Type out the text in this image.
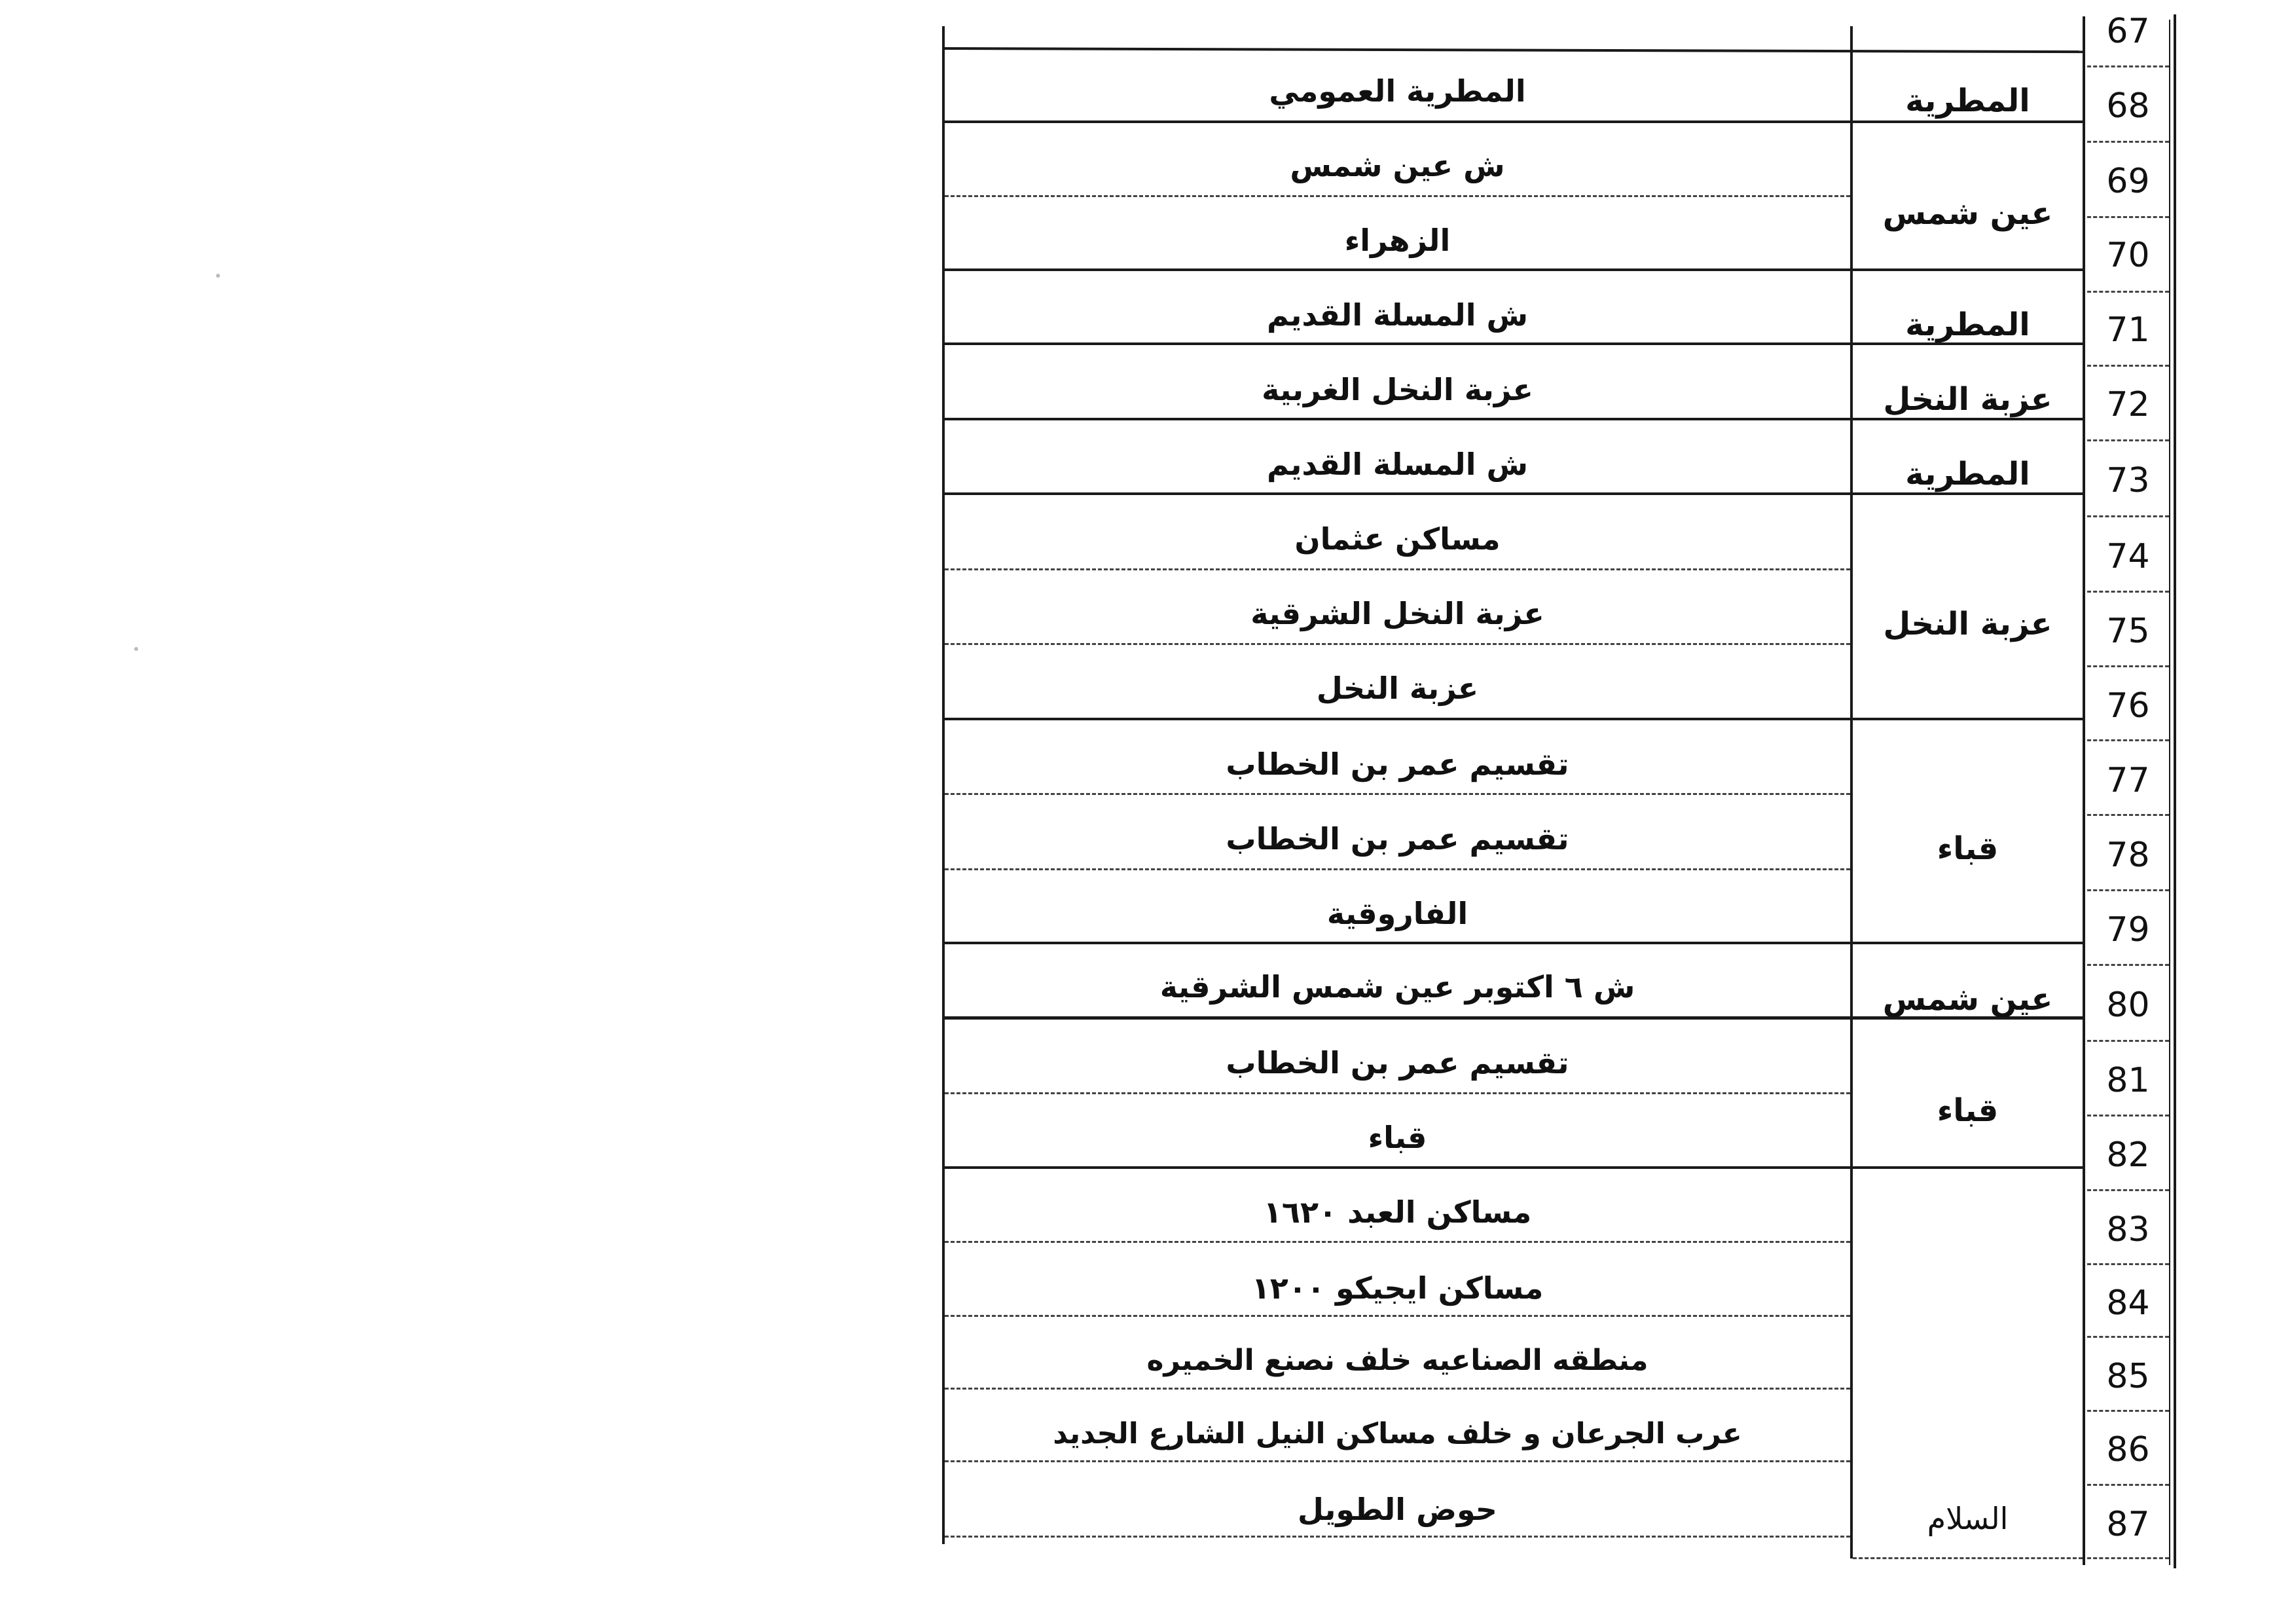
67
68
69
70
71
72
73
74
75
76
77
78
79
80
81
82
83
84
85
86
87
المطرية
عين شمس
المطرية
عزبة النخل
المطرية
عزبة النخل
قباء
عين شمس
قباء
السلام
المطرية العمومي
ش عين شمس
الزهراء
ش المسلة القديم
عزبة النخل الغربية
ش المسلة القديم
مساكن عثمان
عزبة النخل الشرقية
عزبة النخل
تقسيم عمر بن الخطاب
تقسيم عمر بن الخطاب
الفاروقية
ش ٦ اكتوبر عين شمس الشرقية
تقسيم عمر بن الخطاب
قباء
مساكن العبد ١٦٢٠
مساكن ايجيكو ١٢٠٠
منطقه الصناعيه خلف نصنع الخميره
عرب الجرعان و خلف مساكن النيل الشارع الجديد
حوض الطويل
